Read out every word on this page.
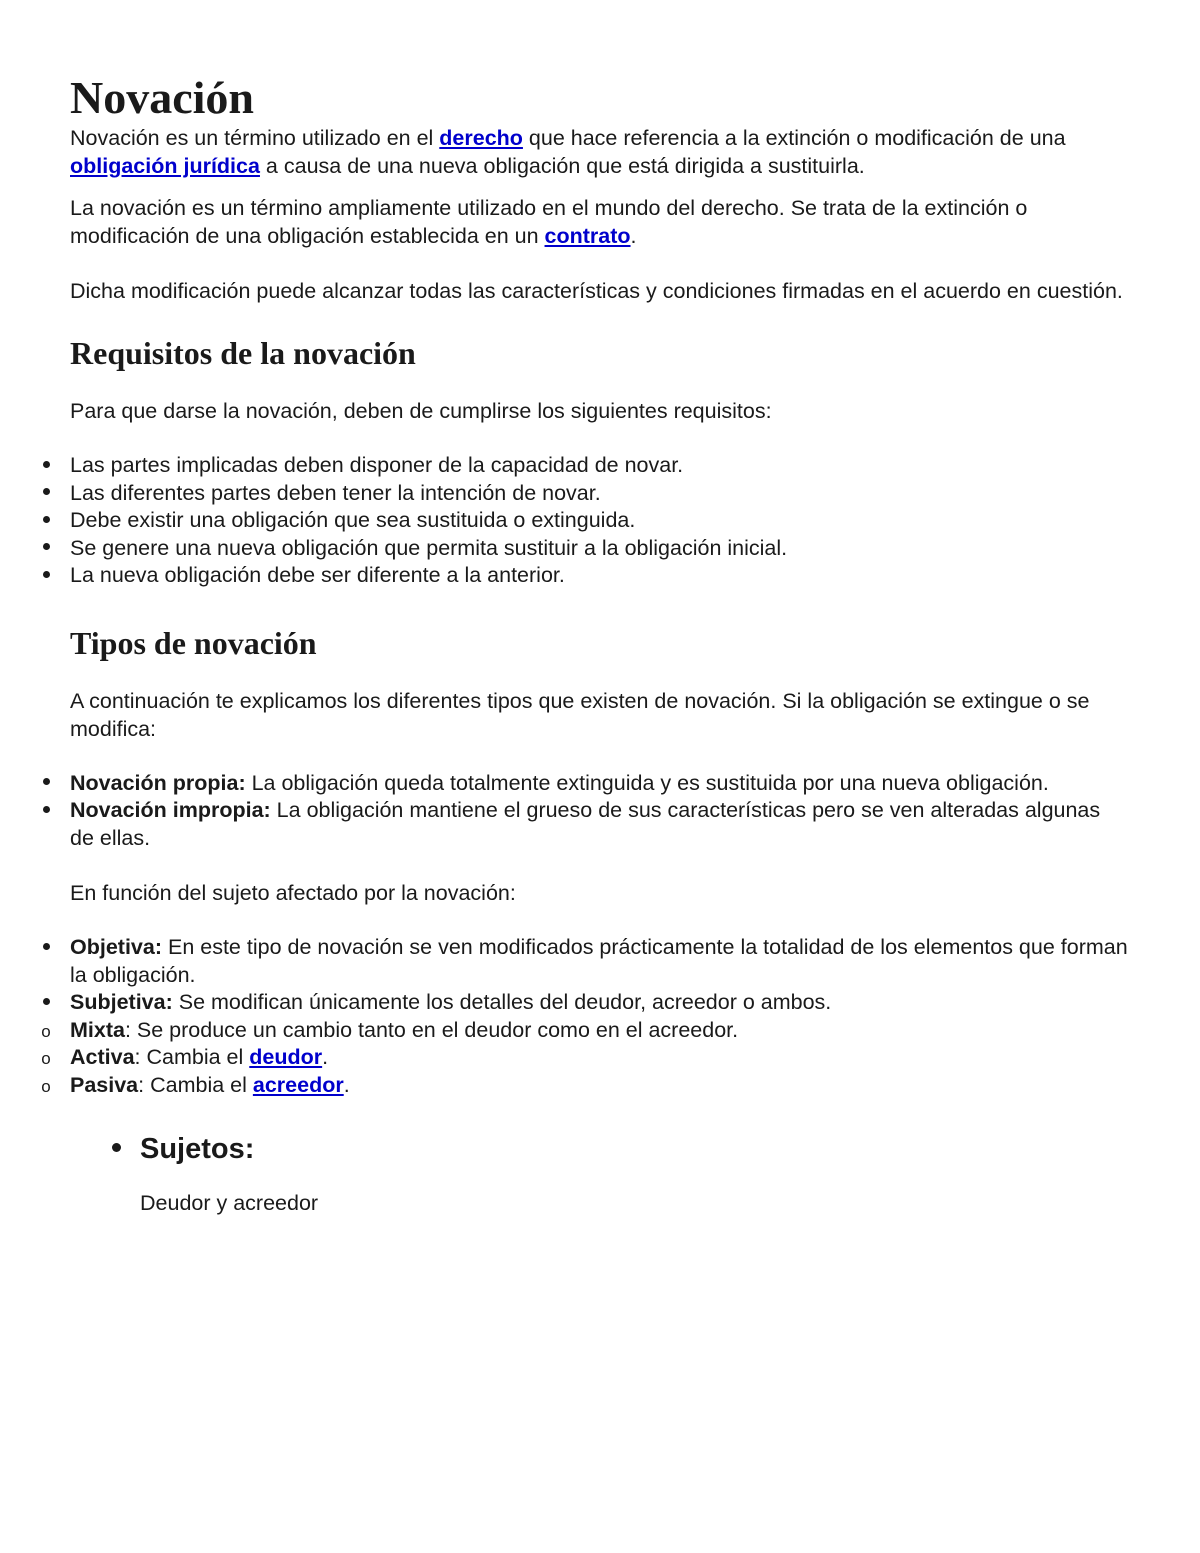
Novación

Novación es un término utilizado en el derecho que hace referencia a la extinción o modificación de una obligación jurídica a causa de una nueva obligación que está dirigida a sustituirla.

La novación es un término ampliamente utilizado en el mundo del derecho. Se trata de la extinción o modificación de una obligación establecida en un contrato.

Dicha modificación puede alcanzar todas las características y condiciones firmadas en el acuerdo en cuestión.

Requisitos de la novación

Para que darse la novación, deben de cumplirse los siguientes requisitos:

Las partes implicadas deben disponer de la capacidad de novar.
Las diferentes partes deben tener la intención de novar.
Debe existir una obligación que sea sustituida o extinguida.
Se genere una nueva obligación que permita sustituir a la obligación inicial.
La nueva obligación debe ser diferente a la anterior.
Tipos de novación

A continuación te explicamos los diferentes tipos que existen de novación. Si la obligación se extingue o se modifica:

Novación propia: La obligación queda totalmente extinguida y es sustituida por una nueva obligación.
Novación impropia: La obligación mantiene el grueso de sus características pero se ven alteradas algunas de ellas.

En función del sujeto afectado por la novación:

Objetiva: En este tipo de novación se ven modificados prácticamente la totalidad de los elementos que forman la obligación.
Subjetiva: Se modifican únicamente los detalles del deudor, acreedor o ambos.
o Mixta: Se produce un cambio tanto en el deudor como en el acreedor.
o Activa: Cambia el deudor.
o Pasiva: Cambia el acreedor.
Sujetos:

Deudor y acreedor
